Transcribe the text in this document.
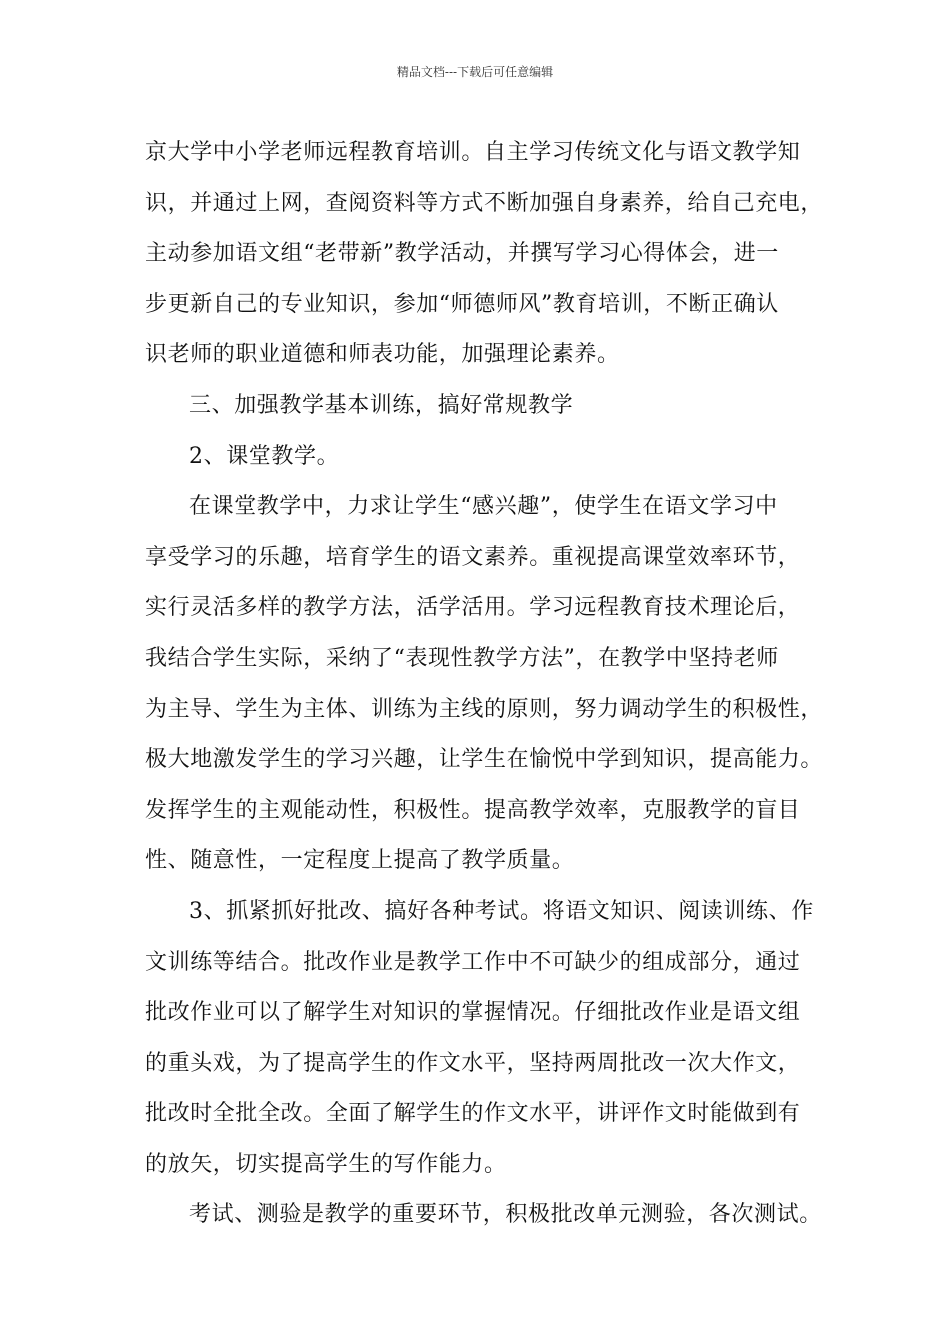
精品文档---下载后可任意编辑
京大学中小学老师远程教育培训。自主学习传统文化与语文教学知
识，并通过上网，查阅资料等方式不断加强自身素养，给自己充电，
主动参加语文组“老带新”教学活动，并撰写学习心得体会，进一
步更新自己的专业知识，参加“师德师风”教育培训，不断正确认
识老师的职业道德和师表功能，加强理论素养。
三、加强教学基本训练，搞好常规教学
2、课堂教学。
在课堂教学中，力求让学生“感兴趣”，使学生在语文学习中
享受学习的乐趣，培育学生的语文素养。重视提高课堂效率环节，
实行灵活多样的教学方法，活学活用。学习远程教育技术理论后，
我结合学生实际，采纳了“表现性教学方法”，在教学中坚持老师
为主导、学生为主体、训练为主线的原则，努力调动学生的积极性，
极大地激发学生的学习兴趣，让学生在愉悦中学到知识，提高能力。
发挥学生的主观能动性，积极性。提高教学效率，克服教学的盲目
性、随意性，一定程度上提高了教学质量。
3、抓紧抓好批改、搞好各种考试。将语文知识、阅读训练、作
文训练等结合。批改作业是教学工作中不可缺少的组成部分，通过
批改作业可以了解学生对知识的掌握情况。仔细批改作业是语文组
的重头戏，为了提高学生的作文水平，坚持两周批改一次大作文，
批改时全批全改。全面了解学生的作文水平，讲评作文时能做到有
的放矢，切实提高学生的写作能力。
考试、测验是教学的重要环节，积极批改单元测验，各次测试。
